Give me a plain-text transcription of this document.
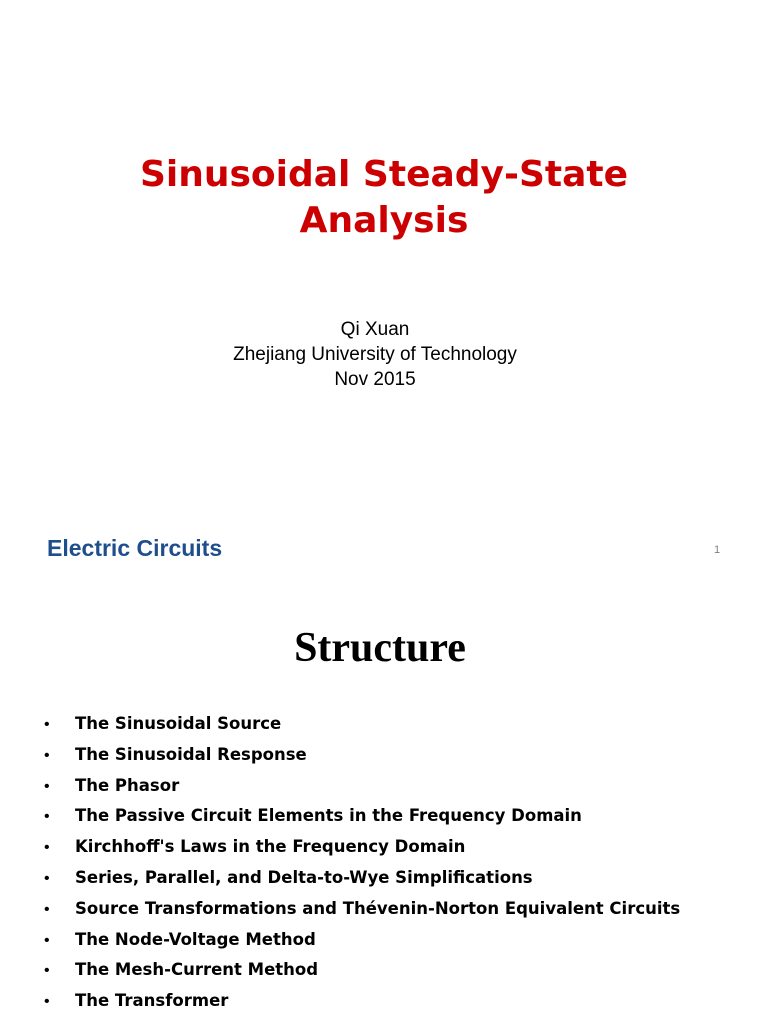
Sinusoidal Steady-State
Analysis
Qi Xuan
Zhejiang University of Technology
Nov 2015
Electric Circuits	1
Structure
•	The Sinusoidal Source
•	The Sinusoidal Response
•	The Phasor
•	The Passive Circuit Elements in the Frequency Domain
•	Kirchhoff's Laws in the Frequency Domain
•	Series, Parallel, and Delta-to-Wye Simplifications
•	Source Transformations and Thévenin-Norton Equivalent Circuits
•	The Node-Voltage Method
•	The Mesh-Current Method
•	The Transformer
